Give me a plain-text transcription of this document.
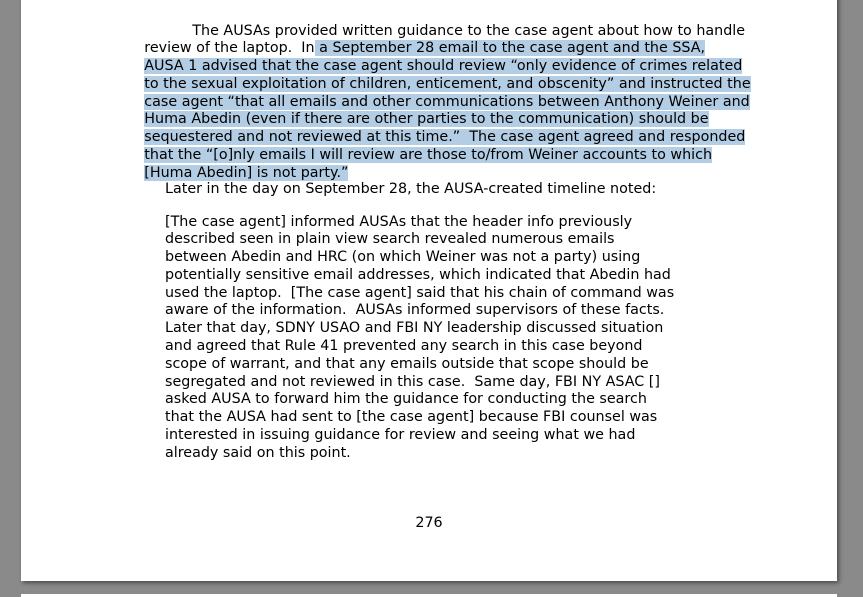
The AUSAs provided written guidance to the case agent about how to handle

review of the laptop.  In a September 28 email to the case agent and the SSA,

AUSA 1 advised that the case agent should review “only evidence of crimes related

to the sexual exploitation of children, enticement, and obscenity” and instructed the

case agent “that all emails and other communications between Anthony Weiner and

Huma Abedin (even if there are other parties to the communication) should be

sequestered and not reviewed at this time.”  The case agent agreed and responded

that the “[o]nly emails I will review are those to/from Weiner accounts to which

[Huma Abedin] is not party.”

Later in the day on September 28, the AUSA-created timeline noted:
[The case agent] informed AUSAs that the header info previously
described seen in plain view search revealed numerous emails
between Abedin and HRC (on which Weiner was not a party) using
potentially sensitive email addresses, which indicated that Abedin had
used the laptop.  [The case agent] said that his chain of command was
aware of the information.  AUSAs informed supervisors of these facts.
Later that day, SDNY USAO and FBI NY leadership discussed situation
and agreed that Rule 41 prevented any search in this case beyond
scope of warrant, and that any emails outside that scope should be
segregated and not reviewed in this case.  Same day, FBI NY ASAC []
asked AUSA to forward him the guidance for conducting the search
that the AUSA had sent to [the case agent] because FBI counsel was
interested in issuing guidance for review and seeing what we had
already said on this point.
276
